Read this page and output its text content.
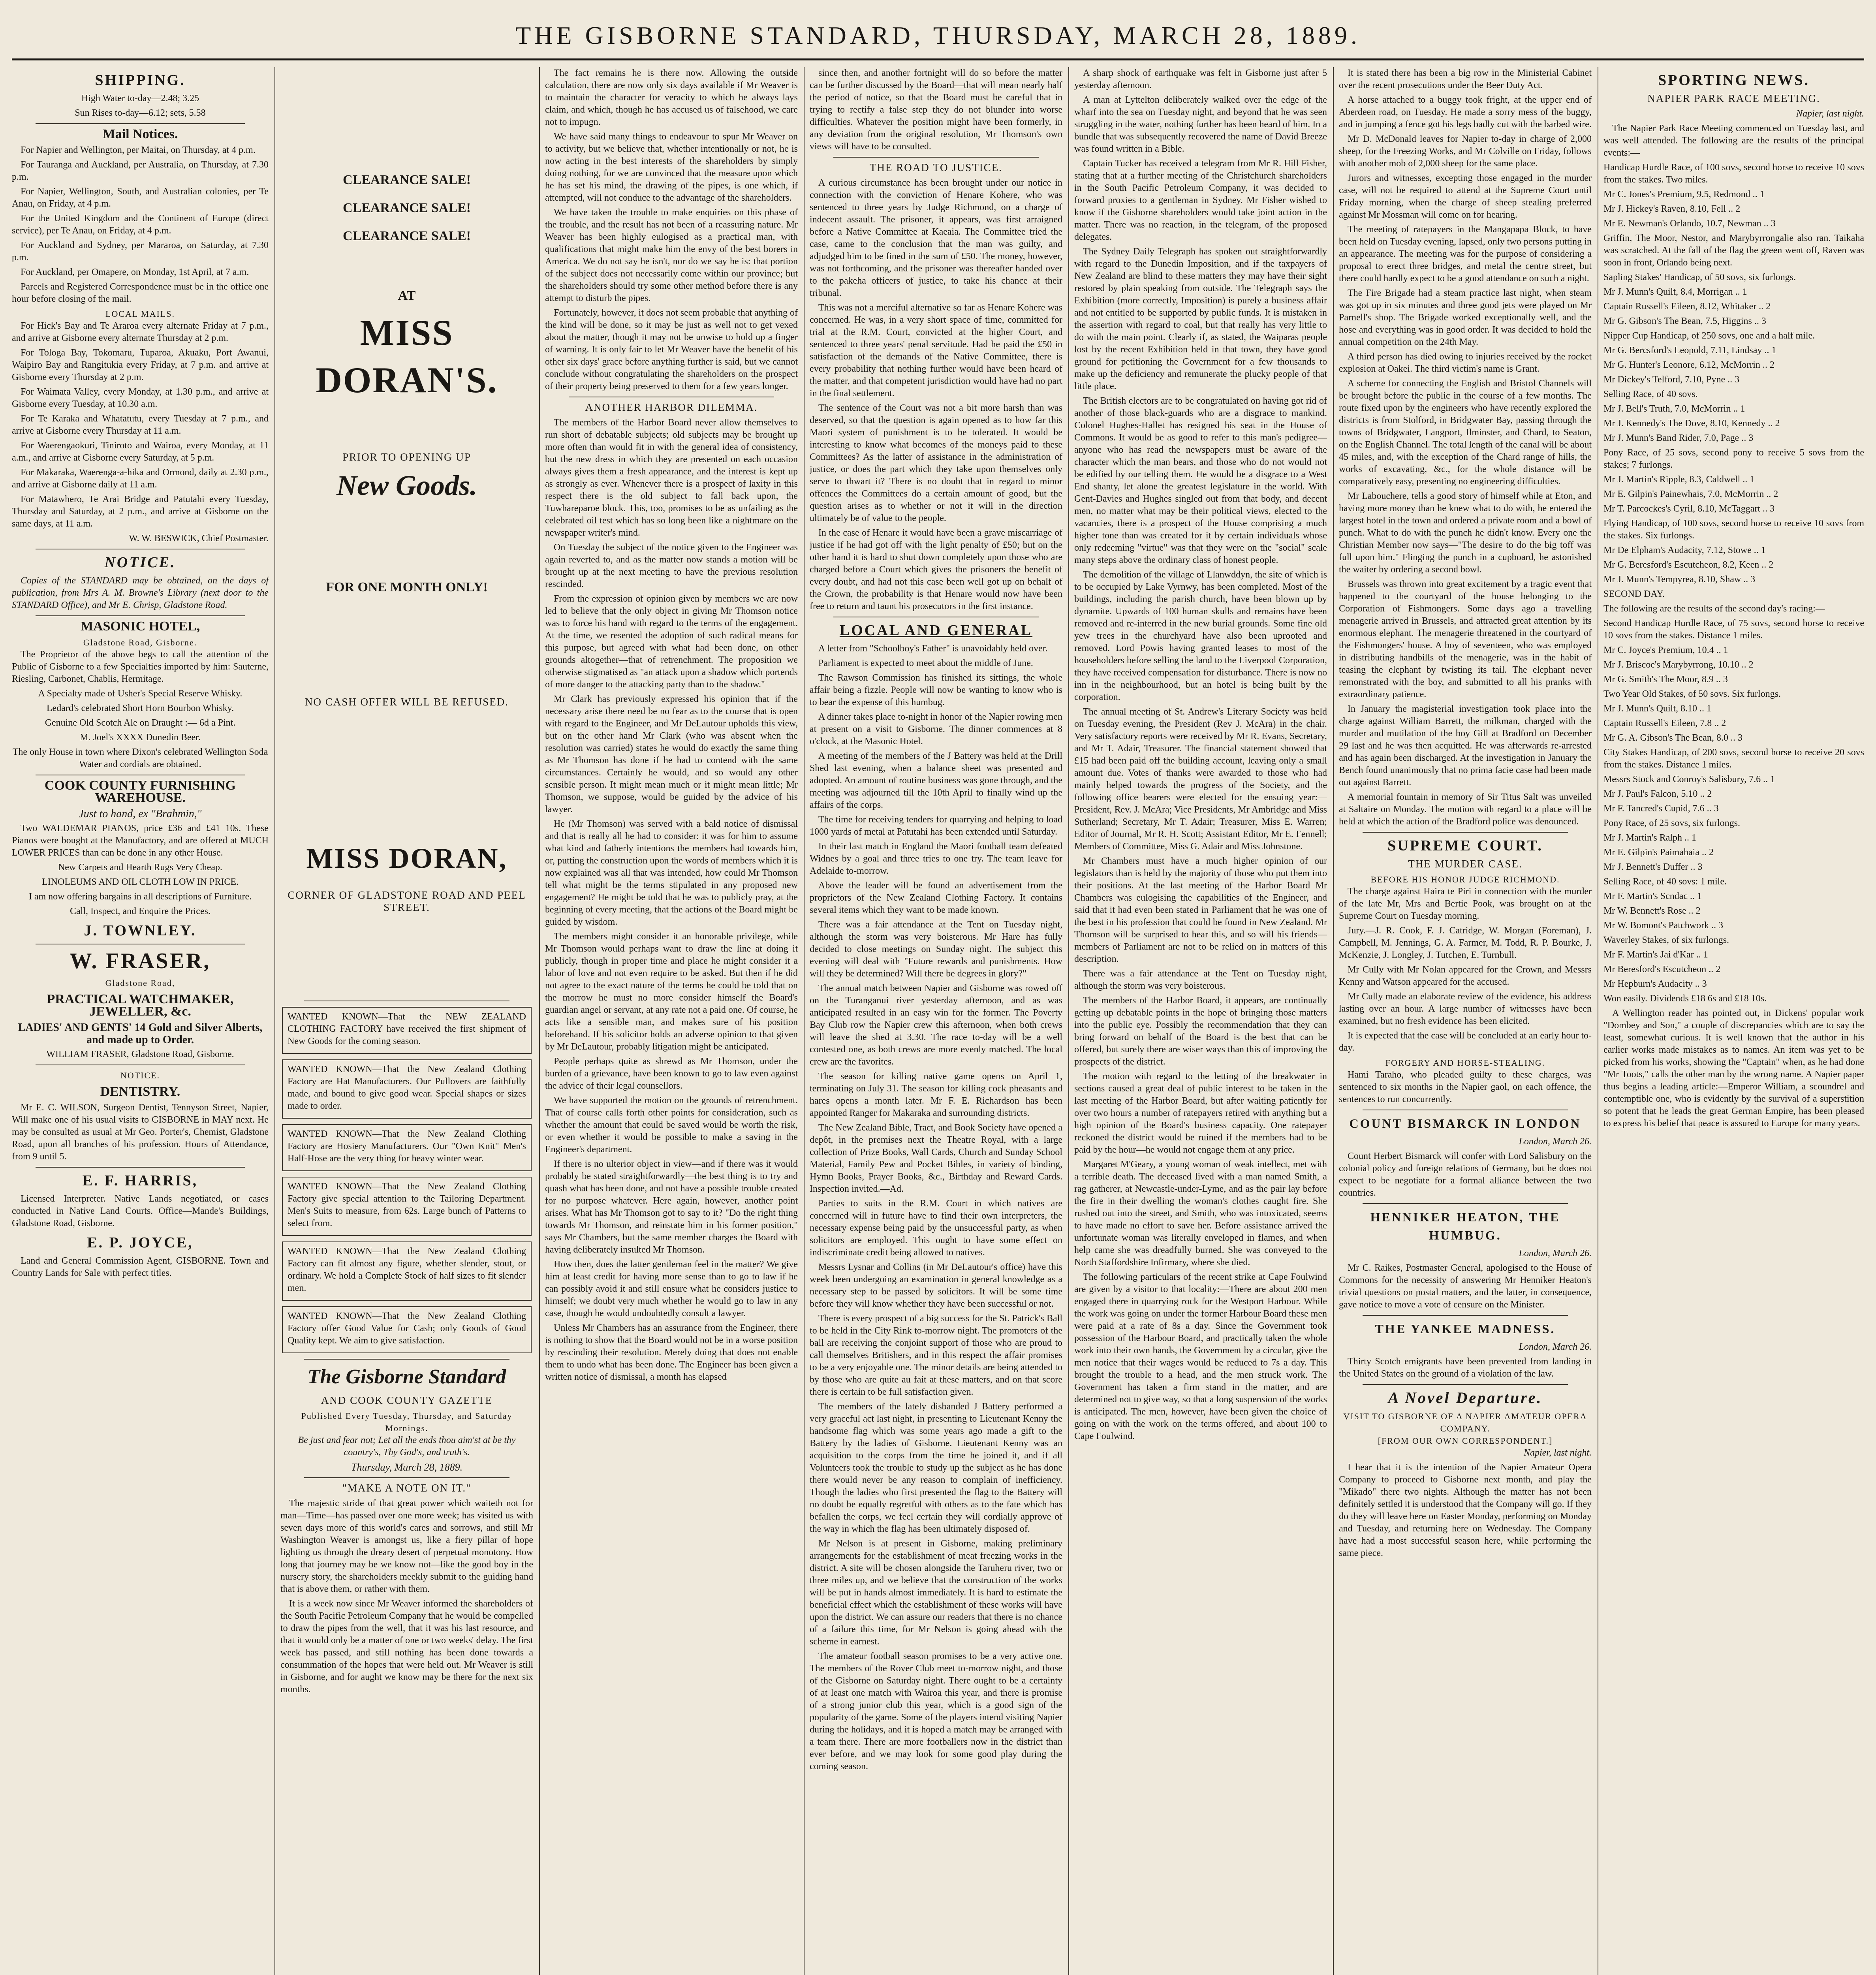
THE GISBORNE STANDARD, THURSDAY, MARCH 28, 1889.
SHIPPING.

High Water to-day—2.48; 3.25

Sun Rises to-day—6.12; sets, 5.58

Mail Notices.

For Napier and Wellington, per Maitai, on Thursday, at 4 p.m.

For Tauranga and Auckland, per Australia, on Thursday, at 7.30 p.m.

For Napier, Wellington, South, and Australian colonies, per Te Anau, on Friday, at 4 p.m.

For the United Kingdom and the Continent of Europe (direct service), per Te Anau, on Friday, at 4 p.m.

For Auckland and Sydney, per Mararoa, on Saturday, at 7.30 p.m.

For Auckland, per Omapere, on Monday, 1st April, at 7 a.m.

Parcels and Registered Correspondence must be in the office one hour before closing of the mail.

LOCAL MAILS.

For Hick's Bay and Te Araroa every alternate Friday at 7 p.m., and arrive at Gisborne every alternate Thursday at 2 p.m.

For Tologa Bay, Tokomaru, Tuparoa, Akuaku, Port Awanui, Waipiro Bay and Rangitukia every Friday, at 7 p.m. and arrive at Gisborne every Thursday at 2 p.m.

For Waimata Valley, every Monday, at 1.30 p.m., and arrive at Gisborne every Tuesday, at 10.30 a.m.

For Te Karaka and Whatatutu, every Tuesday at 7 p.m., and arrive at Gisborne every Thursday at 11 a.m.

For Waerengaokuri, Tiniroto and Wairoa, every Monday, at 11 a.m., and arrive at Gisborne every Saturday, at 5 p.m.

For Makaraka, Waerenga-a-hika and Ormond, daily at 2.30 p.m., and arrive at Gisborne daily at 11 a.m.

For Matawhero, Te Arai Bridge and Patutahi every Tuesday, Thursday and Saturday, at 2 p.m., and arrive at Gisborne on the same days, at 11 a.m.

W. W. BESWICK, Chief Postmaster.

NOTICE.

Copies of the STANDARD may be obtained, on the days of publication, from Mrs A. M. Browne's Library (next door to the STANDARD Office), and Mr E. Chrisp, Gladstone Road.

MASONIC HOTEL,
Gladstone Road, Gisborne.

The Proprietor of the above begs to call the attention of the Public of Gisborne to a few Specialties imported by him: Sauterne, Riesling, Carbonet, Chablis, Hermitage.

A Specialty made of Usher's Special Reserve Whisky.

Ledard's celebrated Short Horn Bourbon Whisky.

Genuine Old Scotch Ale on Draught :— 6d a Pint.

M. Joel's XXXX Dunedin Beer.

The only House in town where Dixon's celebrated Wellington Soda Water and cordials are obtained.

COOK COUNTY FURNISHING WAREHOUSE.
Just to hand, ex "Brahmin,"

Two WALDEMAR PIANOS, price £36 and £41 10s. These Pianos were bought at the Manufactory, and are offered at MUCH LOWER PRICES than can be done in any other House.

New Carpets and Hearth Rugs Very Cheap.

LINOLEUMS AND OIL CLOTH LOW IN PRICE.

I am now offering bargains in all descriptions of Furniture.

Call, Inspect, and Enquire the Prices.

J. TOWNLEY.
W. FRASER,
Gladstone Road,
PRACTICAL WATCHMAKER, JEWELLER, &c.

LADIES' AND GENTS' 14 Gold and Silver Alberts, and made up to Order.

WILLIAM FRASER, Gladstone Road, Gisborne.

NOTICE.
DENTISTRY.

Mr E. C. WILSON, Surgeon Dentist, Tennyson Street, Napier, Will make one of his usual visits to GISBORNE in MAY next. He may be consulted as usual at Mr Geo. Porter's, Chemist, Gladstone Road, upon all branches of his profession. Hours of Attendance, from 9 until 5.

E. F. HARRIS,

Licensed Interpreter. Native Lands negotiated, or cases conducted in Native Land Courts. Office—Mande's Buildings, Gladstone Road, Gisborne.

E. P. JOYCE,

Land and General Commission Agent, GISBORNE. Town and Country Lands for Sale with perfect titles.

CLEARANCE SALE!
CLEARANCE SALE!
CLEARANCE SALE!
AT
MISS DORAN'S.
PRIOR TO OPENING UP
New Goods.
FOR ONE MONTH ONLY!
NO CASH OFFER WILL BE REFUSED.
MISS DORAN,
CORNER OF GLADSTONE ROAD AND PEEL STREET.

WANTED KNOWN—That the NEW ZEALAND CLOTHING FACTORY have received the first shipment of New Goods for the coming season.

WANTED KNOWN—That the New Zealand Clothing Factory are Hat Manufacturers. Our Pullovers are faithfully made, and bound to give good wear. Special shapes or sizes made to order.

WANTED KNOWN—That the New Zealand Clothing Factory are Hosiery Manufacturers. Our "Own Knit" Men's Half-Hose are the very thing for heavy winter wear.

WANTED KNOWN—That the New Zealand Clothing Factory give special attention to the Tailoring Department. Men's Suits to measure, from 62s. Large bunch of Patterns to select from.

WANTED KNOWN—That the New Zealand Clothing Factory can fit almost any figure, whether slender, stout, or ordinary. We hold a Complete Stock of half sizes to fit slender men.

WANTED KNOWN—That the New Zealand Clothing Factory offer Good Value for Cash; only Goods of Good Quality kept. We aim to give satisfaction.

The Gisborne Standard
AND COOK COUNTY GAZETTE
Published Every Tuesday, Thursday, and Saturday Mornings.

Be just and fear not; Let all the ends thou aim'st at be thy country's, Thy God's, and truth's.

Thursday, March 28, 1889.

"MAKE A NOTE ON IT."

The majestic stride of that great power which waiteth not for man—Time—has passed over one more week; has visited us with seven days more of this world's cares and sorrows, and still Mr Washington Weaver is amongst us, like a fiery pillar of hope lighting us through the dreary desert of perpetual monotony. How long that journey may be we know not—like the good boy in the nursery story, the shareholders meekly submit to the guiding hand that is above them, or rather with them.

It is a week now since Mr Weaver informed the shareholders of the South Pacific Petroleum Company that he would be compelled to draw the pipes from the well, that it was his last resource, and that it would only be a matter of one or two weeks' delay. The first week has passed, and still nothing has been done towards a consummation of the hopes that were held out. Mr Weaver is still in Gisborne, and for aught we know may be there for the next six months.

The fact remains he is there now. Allowing the outside calculation, there are now only six days available if Mr Weaver is to maintain the character for veracity to which he always lays claim, and which, though he has accused us of falsehood, we care not to impugn.

We have said many things to endeavour to spur Mr Weaver on to activity, but we believe that, whether intentionally or not, he is now acting in the best interests of the shareholders by simply doing nothing, for we are convinced that the measure upon which he has set his mind, the drawing of the pipes, is one which, if attempted, will not conduce to the advantage of the shareholders.

We have taken the trouble to make enquiries on this phase of the trouble, and the result has not been of a reassuring nature. Mr Weaver has been highly eulogised as a practical man, with qualifications that might make him the envy of the best borers in America. We do not say he isn't, nor do we say he is: that portion of the subject does not necessarily come within our province; but the shareholders should try some other method before there is any attempt to disturb the pipes.

Fortunately, however, it does not seem probable that anything of the kind will be done, so it may be just as well not to get vexed about the matter, though it may not be unwise to hold up a finger of warning. It is only fair to let Mr Weaver have the benefit of his other six days' grace before anything further is said, but we cannot conclude without congratulating the shareholders on the prospect of their property being preserved to them for a few years longer.

ANOTHER HARBOR DILEMMA.

The members of the Harbor Board never allow themselves to run short of debatable subjects; old subjects may be brought up more often than would fit in with the general idea of consistency, but the new dress in which they are presented on each occasion always gives them a fresh appearance, and the interest is kept up as strongly as ever. Whenever there is a prospect of laxity in this respect there is the old subject to fall back upon, the Tuwhareparoe block. This, too, promises to be as unfailing as the celebrated oil test which has so long been like a nightmare on the newspaper writer's mind.

On Tuesday the subject of the notice given to the Engineer was again reverted to, and as the matter now stands a motion will be brought up at the next meeting to have the previous resolution rescinded.

From the expression of opinion given by members we are now led to believe that the only object in giving Mr Thomson notice was to force his hand with regard to the terms of the engagement. At the time, we resented the adoption of such radical means for this purpose, but agreed with what had been done, on other grounds altogether—that of retrenchment. The proposition we otherwise stigmatised as "an attack upon a shadow which portends of more danger to the attacking party than to the shadow."

Mr Clark has previously expressed his opinion that if the necessary arise there need be no fear as to the course that is open with regard to the Engineer, and Mr DeLautour upholds this view, but on the other hand Mr Clark (who was absent when the resolution was carried) states he would do exactly the same thing as Mr Thomson has done if he had to contend with the same circumstances. Certainly he would, and so would any other sensible person. It might mean much or it might mean little; Mr Thomson, we suppose, would be guided by the advice of his lawyer.

He (Mr Thomson) was served with a bald notice of dismissal and that is really all he had to consider: it was for him to assume what kind and fatherly intentions the members had towards him, or, putting the construction upon the words of members which it is now explained was all that was intended, how could Mr Thomson tell what might be the terms stipulated in any proposed new engagement? He might be told that he was to publicly pray, at the beginning of every meeting, that the actions of the Board might be guided by wisdom.

The members might consider it an honorable privilege, while Mr Thomson would perhaps want to draw the line at doing it publicly, though in proper time and place he might consider it a labor of love and not even require to be asked. But then if he did not agree to the exact nature of the terms he could be told that on the morrow he must no more consider himself the Board's guardian angel or servant, at any rate not a paid one. Of course, he acts like a sensible man, and makes sure of his position beforehand. If his solicitor holds an adverse opinion to that given by Mr DeLautour, probably litigation might be anticipated.

People perhaps quite as shrewd as Mr Thomson, under the burden of a grievance, have been known to go to law even against the advice of their legal counsellors.

We have supported the motion on the grounds of retrenchment. That of course calls forth other points for consideration, such as whether the amount that could be saved would be worth the risk, or even whether it would be possible to make a saving in the Engineer's department.

If there is no ulterior object in view—and if there was it would probably be stated straightforwardly—the best thing is to try and quash what has been done, and not have a possible trouble created for no purpose whatever. Here again, however, another point arises. What has Mr Thomson got to say to it? "Do the right thing towards Mr Thomson, and reinstate him in his former position," says Mr Chambers, but the same member charges the Board with having deliberately insulted Mr Thomson.

How then, does the latter gentleman feel in the matter? We give him at least credit for having more sense than to go to law if he can possibly avoid it and still ensure what he considers justice to himself; we doubt very much whether he would go to law in any case, though he would undoubtedly consult a lawyer.

Unless Mr Chambers has an assurance from the Engineer, there is nothing to show that the Board would not be in a worse position by rescinding their resolution. Merely doing that does not enable them to undo what has been done. The Engineer has been given a written notice of dismissal, a month has elapsed

since then, and another fortnight will do so before the matter can be further discussed by the Board—that will mean nearly half the period of notice, so that the Board must be careful that in trying to rectify a false step they do not blunder into worse difficulties. Whatever the position might have been formerly, in any deviation from the original resolution, Mr Thomson's own views will have to be consulted.

THE ROAD TO JUSTICE.

A curious circumstance has been brought under our notice in connection with the conviction of Henare Kohere, who was sentenced to three years by Judge Richmond, on a charge of indecent assault. The prisoner, it appears, was first arraigned before a Native Committee at Kaeaia. The Committee tried the case, came to the conclusion that the man was guilty, and adjudged him to be fined in the sum of £50. The money, however, was not forthcoming, and the prisoner was thereafter handed over to the pakeha officers of justice, to take his chance at their tribunal.

This was not a merciful alternative so far as Henare Kohere was concerned. He was, in a very short space of time, committed for trial at the R.M. Court, convicted at the higher Court, and sentenced to three years' penal servitude. Had he paid the £50 in satisfaction of the demands of the Native Committee, there is every probability that nothing further would have been heard of the matter, and that competent jurisdiction would have had no part in the final settlement.

The sentence of the Court was not a bit more harsh than was deserved, so that the question is again opened as to how far this Maori system of punishment is to be tolerated. It would be interesting to know what becomes of the moneys paid to these Committees? As the latter of assistance in the administration of justice, or does the part which they take upon themselves only serve to thwart it? There is no doubt that in regard to minor offences the Committees do a certain amount of good, but the question arises as to whether or not it will in the direction ultimately be of value to the people.

In the case of Henare it would have been a grave miscarriage of justice if he had got off with the light penalty of £50; but on the other hand it is hard to shut down completely upon those who are charged before a Court which gives the prisoners the benefit of every doubt, and had not this case been well got up on behalf of the Crown, the probability is that Henare would now have been free to return and taunt his prosecutors in the first instance.

LOCAL AND GENERAL

A letter from "Schoolboy's Father" is unavoidably held over.

Parliament is expected to meet about the middle of June.

The Rawson Commission has finished its sittings, the whole affair being a fizzle. People will now be wanting to know who is to bear the expense of this humbug.

A dinner takes place to-night in honor of the Napier rowing men at present on a visit to Gisborne. The dinner commences at 8 o'clock, at the Masonic Hotel.

A meeting of the members of the J Battery was held at the Drill Shed last evening, when a balance sheet was presented and adopted. An amount of routine business was gone through, and the meeting was adjourned till the 10th April to finally wind up the affairs of the corps.

The time for receiving tenders for quarrying and helping to load 1000 yards of metal at Patutahi has been extended until Saturday.

In their last match in England the Maori football team defeated Widnes by a goal and three tries to one try. The team leave for Adelaide to-morrow.

Above the leader will be found an advertisement from the proprietors of the New Zealand Clothing Factory. It contains several items which they want to be made known.

There was a fair attendance at the Tent on Tuesday night, although the storm was very boisterous. Mr Hare has fully decided to close meetings on Sunday night. The subject this evening will deal with "Future rewards and punishments. How will they be determined? Will there be degrees in glory?"

The annual match between Napier and Gisborne was rowed off on the Turanganui river yesterday afternoon, and as was anticipated resulted in an easy win for the former. The Poverty Bay Club row the Napier crew this afternoon, when both crews will leave the shed at 3.30. The race to-day will be a well contested one, as both crews are more evenly matched. The local crew are the favorites.

The season for killing native game opens on April 1, terminating on July 31. The season for killing cock pheasants and hares opens a month later. Mr F. E. Richardson has been appointed Ranger for Makaraka and surrounding districts.

The New Zealand Bible, Tract, and Book Society have opened a depôt, in the premises next the Theatre Royal, with a large collection of Prize Books, Wall Cards, Church and Sunday School Material, Family Pew and Pocket Bibles, in variety of binding, Hymn Books, Prayer Books, &c., Birthday and Reward Cards. Inspection invited.—Ad.

Parties to suits in the R.M. Court in which natives are concerned will in future have to find their own interpreters, the necessary expense being paid by the unsuccessful party, as when solicitors are employed. This ought to have some effect on indiscriminate credit being allowed to natives.

Messrs Lysnar and Collins (in Mr DeLautour's office) have this week been undergoing an examination in general knowledge as a necessary step to be passed by solicitors. It will be some time before they will know whether they have been successful or not.

There is every prospect of a big success for the St. Patrick's Ball to be held in the City Rink to-morrow night. The promoters of the ball are receiving the conjoint support of those who are proud to call themselves Britishers, and in this respect the affair promises to be a very enjoyable one. The minor details are being attended to by those who are quite au fait at these matters, and on that score there is certain to be full satisfaction given.

The members of the lately disbanded J Battery performed a very graceful act last night, in presenting to Lieutenant Kenny the handsome flag which was some years ago made a gift to the Battery by the ladies of Gisborne. Lieutenant Kenny was an acquisition to the corps from the time he joined it, and if all Volunteers took the trouble to study up the subject as he has done there would never be any reason to complain of inefficiency. Though the ladies who first presented the flag to the Battery will no doubt be equally regretful with others as to the fate which has befallen the corps, we feel certain they will cordially approve of the way in which the flag has been ultimately disposed of.

Mr Nelson is at present in Gisborne, making preliminary arrangements for the establishment of meat freezing works in the district. A site will be chosen alongside the Taruheru river, two or three miles up, and we believe that the construction of the works will be put in hands almost immediately. It is hard to estimate the beneficial effect which the establishment of these works will have upon the district. We can assure our readers that there is no chance of a failure this time, for Mr Nelson is going ahead with the scheme in earnest.

The amateur football season promises to be a very active one. The members of the Rover Club meet to-morrow night, and those of the Gisborne on Saturday night. There ought to be a certainty of at least one match with Wairoa this year, and there is promise of a strong junior club this year, which is a good sign of the popularity of the game. Some of the players intend visiting Napier during the holidays, and it is hoped a match may be arranged with a team there. There are more footballers now in the district than ever before, and we may look for some good play during the coming season.

A sharp shock of earthquake was felt in Gisborne just after 5 yesterday afternoon.

A man at Lyttelton deliberately walked over the edge of the wharf into the sea on Tuesday night, and beyond that he was seen struggling in the water, nothing further has been heard of him. In a bundle that was subsequently recovered the name of David Breeze was found written in a Bible.

Captain Tucker has received a telegram from Mr R. Hill Fisher, stating that at a further meeting of the Christchurch shareholders in the South Pacific Petroleum Company, it was decided to forward proxies to a gentleman in Sydney. Mr Fisher wished to know if the Gisborne shareholders would take joint action in the matter. There was no reaction, in the telegram, of the proposed delegates.

The Sydney Daily Telegraph has spoken out straightforwardly with regard to the Dunedin Imposition, and if the taxpayers of New Zealand are blind to these matters they may have their sight restored by plain speaking from outside. The Telegraph says the Exhibition (more correctly, Imposition) is purely a business affair and not entitled to be supported by public funds. It is mistaken in the assertion with regard to coal, but that really has very little to do with the main point. Clearly if, as stated, the Waiparas people lost by the recent Exhibition held in that town, they have good ground for petitioning the Government for a few thousands to make up the deficiency and remunerate the plucky people of that little place.

The British electors are to be congratulated on having got rid of another of those black-guards who are a disgrace to mankind. Colonel Hughes-Hallet has resigned his seat in the House of Commons. It would be as good to refer to this man's pedigree—anyone who has read the newspapers must be aware of the character which the man bears, and those who do not would not be edified by our telling them. He would be a disgrace to a West End shanty, let alone the greatest legislature in the world. With Gent-Davies and Hughes singled out from that body, and decent men, no matter what may be their political views, elected to the vacancies, there is a prospect of the House comprising a much higher tone than was created for it by certain individuals whose only redeeming "virtue" was that they were on the "social" scale many steps above the ordinary class of honest people.

The demolition of the village of Llanwddyn, the site of which is to be occupied by Lake Vyrnwy, has been completed. Most of the buildings, including the parish church, have been blown up by dynamite. Upwards of 100 human skulls and remains have been removed and re-interred in the new burial grounds. Some fine old yew trees in the churchyard have also been uprooted and removed. Lord Powis having granted leases to most of the householders before selling the land to the Liverpool Corporation, they have received compensation for disturbance. There is now no inn in the neighbourhood, but an hotel is being built by the corporation.

The annual meeting of St. Andrew's Literary Society was held on Tuesday evening, the President (Rev J. McAra) in the chair. Very satisfactory reports were received by Mr R. Evans, Secretary, and Mr T. Adair, Treasurer. The financial statement showed that £15 had been paid off the building account, leaving only a small amount due. Votes of thanks were awarded to those who had mainly helped towards the progress of the Society, and the following office bearers were elected for the ensuing year:—President, Rev. J. McAra; Vice Presidents, Mr Ambridge and Miss Sutherland; Secretary, Mr T. Adair; Treasurer, Miss E. Warren; Editor of Journal, Mr R. H. Scott; Assistant Editor, Mr E. Fennell; Members of Committee, Miss G. Adair and Miss Johnstone.

Mr Chambers must have a much higher opinion of our legislators than is held by the majority of those who put them into their positions. At the last meeting of the Harbor Board Mr Chambers was eulogising the capabilities of the Engineer, and said that it had even been stated in Parliament that he was one of the best in his profession that could be found in New Zealand. Mr Thomson will be surprised to hear this, and so will his friends—members of Parliament are not to be relied on in matters of this description.

There was a fair attendance at the Tent on Tuesday night, although the storm was very boisterous.

The members of the Harbor Board, it appears, are continually getting up debatable points in the hope of bringing those matters into the public eye. Possibly the recommendation that they can bring forward on behalf of the Board is the best that can be offered, but surely there are wiser ways than this of improving the prospects of the district.

The motion with regard to the letting of the breakwater in sections caused a great deal of public interest to be taken in the last meeting of the Harbor Board, but after waiting patiently for over two hours a number of ratepayers retired with anything but a high opinion of the Board's business capacity. One ratepayer reckoned the district would be ruined if the members had to be paid by the hour—he would not engage them at any price.

Margaret M'Geary, a young woman of weak intellect, met with a terrible death. The deceased lived with a man named Smith, a rag gatherer, at Newcastle-under-Lyme, and as the pair lay before the fire in their dwelling the woman's clothes caught fire. She rushed out into the street, and Smith, who was intoxicated, seems to have made no effort to save her. Before assistance arrived the unfortunate woman was literally enveloped in flames, and when help came she was dreadfully burned. She was conveyed to the North Staffordshire Infirmary, where she died.

The following particulars of the recent strike at Cape Foulwind are given by a visitor to that locality:—There are about 200 men engaged there in quarrying rock for the Westport Harbour. While the work was going on under the former Harbour Board these men were paid at a rate of 8s a day. Since the Government took possession of the Harbour Board, and practically taken the whole work into their own hands, the Government by a circular, give the men notice that their wages would be reduced to 7s a day. This brought the trouble to a head, and the men struck work. The Government has taken a firm stand in the matter, and are determined not to give way, so that a long suspension of the works is anticipated. The men, however, have been given the choice of going on with the work on the terms offered, and about 100 to Cape Foulwind.

It is stated there has been a big row in the Ministerial Cabinet over the recent prosecutions under the Beer Duty Act.

A horse attached to a buggy took fright, at the upper end of Aberdeen road, on Tuesday. He made a sorry mess of the buggy, and in jumping a fence got his legs badly cut with the barbed wire.

Mr D. McDonald leaves for Napier to-day in charge of 2,000 sheep, for the Freezing Works, and Mr Colville on Friday, follows with another mob of 2,000 sheep for the same place.

Jurors and witnesses, excepting those engaged in the murder case, will not be required to attend at the Supreme Court until Friday morning, when the charge of sheep stealing preferred against Mr Mossman will come on for hearing.

The meeting of ratepayers in the Mangapapa Block, to have been held on Tuesday evening, lapsed, only two persons putting in an appearance. The meeting was for the purpose of considering a proposal to erect three bridges, and metal the centre street, but there could hardly expect to be a good attendance on such a night.

The Fire Brigade had a steam practice last night, when steam was got up in six minutes and three good jets were played on Mr Parnell's shop. The Brigade worked exceptionally well, and the hose and everything was in good order. It was decided to hold the annual competition on the 24th May.

A third person has died owing to injuries received by the rocket explosion at Oakei. The third victim's name is Grant.

A scheme for connecting the English and Bristol Channels will be brought before the public in the course of a few months. The route fixed upon by the engineers who have recently explored the districts is from Stolford, in Bridgwater Bay, passing through the towns of Bridgwater, Langport, Ilminster, and Chard, to Seaton, on the English Channel. The total length of the canal will be about 45 miles, and, with the exception of the Chard range of hills, the works of excavating, &c., for the whole distance will be comparatively easy, presenting no engineering difficulties.

Mr Labouchere, tells a good story of himself while at Eton, and having more money than he knew what to do with, he entered the largest hotel in the town and ordered a private room and a bowl of punch. What to do with the punch he didn't know. Every one the Christian Member now says—"The desire to do the big toff was full upon him." Flinging the punch in a cupboard, he astonished the waiter by ordering a second bowl.

Brussels was thrown into great excitement by a tragic event that happened to the courtyard of the house belonging to the Corporation of Fishmongers. Some days ago a travelling menagerie arrived in Brussels, and attracted great attention by its enormous elephant. The menagerie threatened in the courtyard of the Fishmongers' house. A boy of seventeen, who was employed in distributing handbills of the menagerie, was in the habit of teasing the elephant by twisting its tail. The elephant never remonstrated with the boy, and submitted to all his pranks with extraordinary patience.

In January the magisterial investigation took place into the charge against William Barrett, the milkman, charged with the murder and mutilation of the boy Gill at Bradford on December 29 last and he was then acquitted. He was afterwards re-arrested and has again been discharged. At the investigation in January the Bench found unanimously that no prima facie case had been made out against Barrett.

A memorial fountain in memory of Sir Titus Salt was unveiled at Saltaire on Monday. The motion with regard to a place will be held at which the action of the Bradford police was denounced.

SUPREME COURT.
THE MURDER CASE.
BEFORE HIS HONOR JUDGE RICHMOND.

The charge against Haira te Piri in connection with the murder of the late Mr, Mrs and Bertie Pook, was brought on at the Supreme Court on Tuesday morning.

Jury.—J. R. Cook, F. J. Catridge, W. Morgan (Foreman), J. Campbell, M. Jennings, G. A. Farmer, M. Todd, R. P. Bourke, J. McKenzie, J. Longley, J. Tutchen, E. Turnbull.

Mr Cully with Mr Nolan appeared for the Crown, and Messrs Kenny and Watson appeared for the accused.

Mr Cully made an elaborate review of the evidence, his address lasting over an hour. A large number of witnesses have been examined, but no fresh evidence has been elicited.

It is expected that the case will be concluded at an early hour to-day.

FORGERY AND HORSE-STEALING.

Hami Taraho, who pleaded guilty to these charges, was sentenced to six months in the Napier gaol, on each offence, the sentences to run concurrently.

COUNT BISMARCK IN LONDON

London, March 26.

Count Herbert Bismarck will confer with Lord Salisbury on the colonial policy and foreign relations of Germany, but he does not expect to be negotiate for a formal alliance between the two countries.

HENNIKER HEATON, THE HUMBUG.

London, March 26.

Mr C. Raikes, Postmaster General, apologised to the House of Commons for the necessity of answering Mr Henniker Heaton's trivial questions on postal matters, and the latter, in consequence, gave notice to move a vote of censure on the Minister.

THE YANKEE MADNESS.

London, March 26.

Thirty Scotch emigrants have been prevented from landing in the United States on the ground of a violation of the law.

A Novel Departure.
VISIT TO GISBORNE OF A NAPIER AMATEUR OPERA COMPANY.
[FROM OUR OWN CORRESPONDENT.]

Napier, last night.

I hear that it is the intention of the Napier Amateur Opera Company to proceed to Gisborne next month, and play the "Mikado" there two nights. Although the matter has not been definitely settled it is understood that the Company will go. If they do they will leave here on Easter Monday, performing on Monday and Tuesday, and returning here on Wednesday. The Company have had a most successful season here, while performing the same piece.

SPORTING NEWS.
NAPIER PARK RACE MEETING.

Napier, last night.

The Napier Park Race Meeting commenced on Tuesday last, and was well attended. The following are the results of the principal events:—

Handicap Hurdle Race, of 100 sovs, second horse to receive 10 sovs from the stakes. Two miles.

Mr C. Jones's Premium, 9.5, Redmond .. 1

Mr J. Hickey's Raven, 8.10, Fell .. 2

Mr E. Newman's Orlando, 10.7, Newman .. 3

Griffin, The Moor, Nestor, and Marybyrrongalie also ran. Taikaha was scratched. At the fall of the flag the green went off, Raven was soon in front, Orlando being next.

Sapling Stakes' Handicap, of 50 sovs, six furlongs.

Mr J. Munn's Quilt, 8.4, Morrigan .. 1

Captain Russell's Eileen, 8.12, Whitaker .. 2

Mr G. Gibson's The Bean, 7.5, Higgins .. 3

Nipper Cup Handicap, of 250 sovs, one and a half mile.

Mr G. Bercsford's Leopold, 7.11, Lindsay .. 1

Mr G. Hunter's Leonore, 6.12, McMorrin .. 2

Mr Dickey's Telford, 7.10, Pyne .. 3

Selling Race, of 40 sovs.

Mr J. Bell's Truth, 7.0, McMorrin .. 1

Mr J. Kennedy's The Dove, 8.10, Kennedy .. 2

Mr J. Munn's Band Rider, 7.0, Page .. 3

Pony Race, of 25 sovs, second pony to receive 5 sovs from the stakes; 7 furlongs.

Mr J. Martin's Ripple, 8.3, Caldwell .. 1

Mr E. Gilpin's Painewhais, 7.0, McMorrin .. 2

Mr T. Parcockes's Cyril, 8.10, McTaggart .. 3

Flying Handicap, of 100 sovs, second horse to receive 10 sovs from the stakes. Six furlongs.

Mr De Elpham's Audacity, 7.12, Stowe .. 1

Mr G. Beresford's Escutcheon, 8.2, Keen .. 2

Mr J. Munn's Tempyrea, 8.10, Shaw .. 3

SECOND DAY.

The following are the results of the second day's racing:—

Second Handicap Hurdle Race, of 75 sovs, second horse to receive 10 sovs from the stakes. Distance 1 miles.

Mr C. Joyce's Premium, 10.4 .. 1

Mr J. Briscoe's Marybyrrong, 10.10 .. 2

Mr G. Smith's The Moor, 8.9 .. 3

Two Year Old Stakes, of 50 sovs. Six furlongs.

Mr J. Munn's Quilt, 8.10 .. 1

Captain Russell's Eileen, 7.8 .. 2

Mr G. A. Gibson's The Bean, 8.0 .. 3

City Stakes Handicap, of 200 sovs, second horse to receive 20 sovs from the stakes. Distance 1 miles.

Messrs Stock and Conroy's Salisbury, 7.6 .. 1

Mr J. Paul's Falcon, 5.10 .. 2

Mr F. Tancred's Cupid, 7.6 .. 3

Pony Race, of 25 sovs, six furlongs.

Mr J. Martin's Ralph .. 1

Mr E. Gilpin's Paimahaia .. 2

Mr J. Bennett's Duffer .. 3

Selling Race, of 40 sovs: 1 mile.

Mr F. Martin's Scndac .. 1

Mr W. Bennett's Rose .. 2

Mr W. Bomont's Patchwork .. 3

Waverley Stakes, of six furlongs.

Mr F. Martin's Jai d'Kar .. 1

Mr Beresford's Escutcheon .. 2

Mr Hepburn's Audacity .. 3

Won easily. Dividends £18 6s and £18 10s.

A Wellington reader has pointed out, in Dickens' popular work "Dombey and Son," a couple of discrepancies which are to say the least, somewhat curious. It is well known that the author in his earlier works made mistakes as to names. An item was yet to be picked from his works, showing the "Captain" when, as he had done "Mr Toots," calls the other man by the wrong name. A Napier paper thus begins a leading article:—Emperor William, a scoundrel and contemptible one, who is evidently by the survival of a superstition so potent that he leads the great German Empire, has been pleased to express his belief that peace is assured to Europe for many years.
